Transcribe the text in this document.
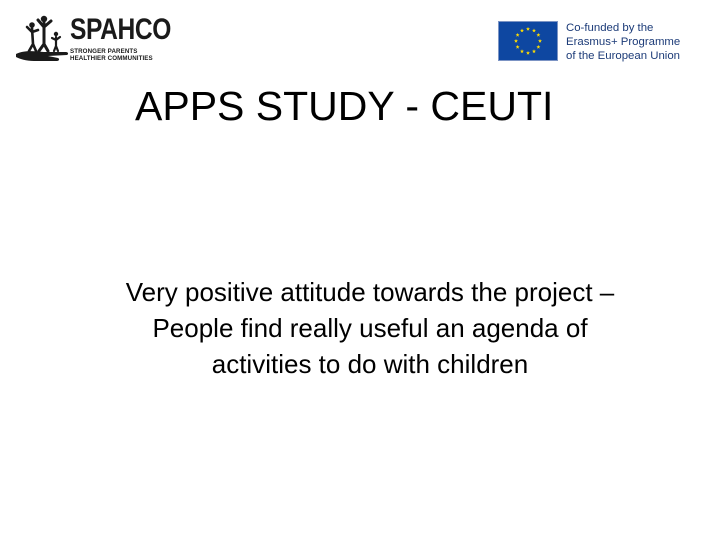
SPAHCO
STRONGER PARENTS
HEALTHIER COMMUNITIES
Co-funded by the
Erasmus+ Programme
of the European Union
APPS STUDY - CEUTI
Very positive attitude towards the project –
People find really useful an agenda of
activities to do with children
